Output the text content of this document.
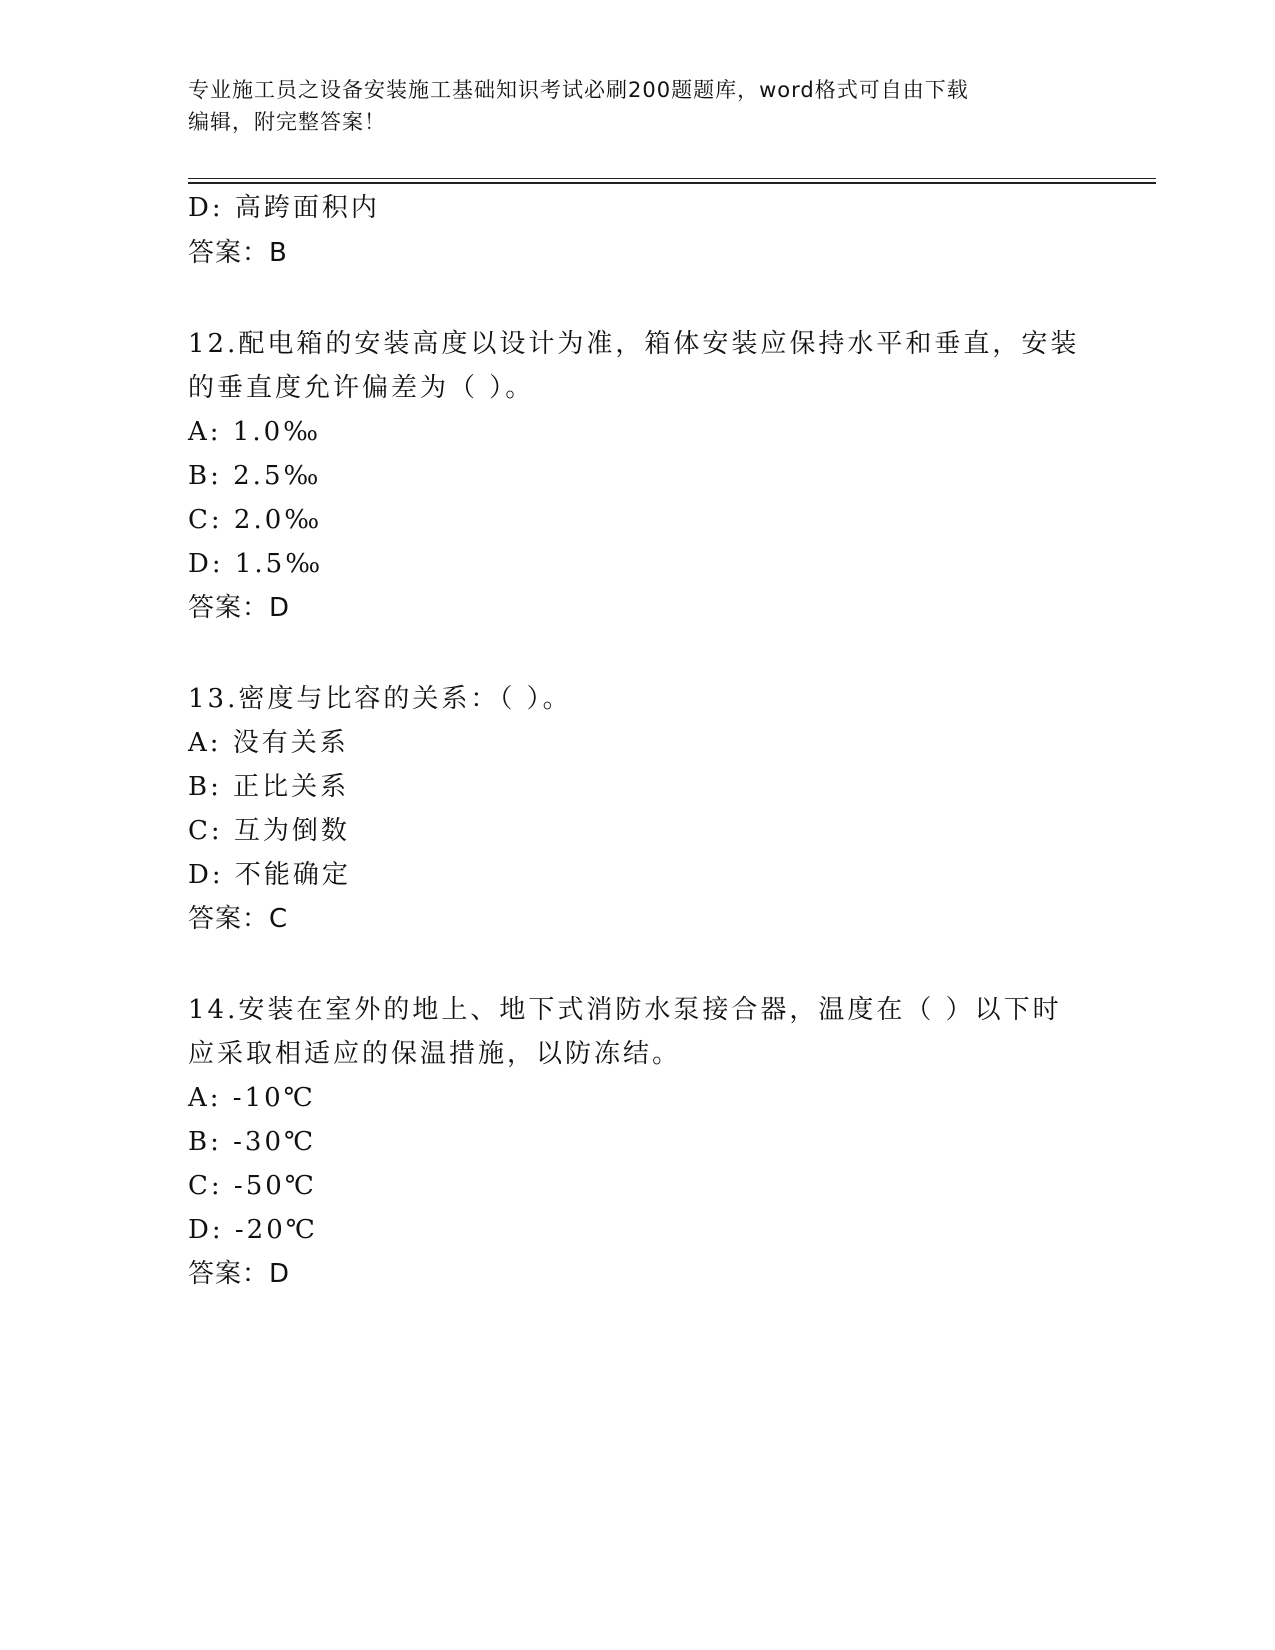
专业施工员之设备安装施工基础知识考试必刷200题题库，word格式可自由下载
编辑，附完整答案！
D: 高跨面积内
答案：B
12.配电箱的安装高度以设计为准，箱体安装应保持水平和垂直，安装
的垂直度允许偏差为（ ）。
A: 1.0‰
B: 2.5‰
C: 2.0‰
D: 1.5‰
答案：D
13.密度与比容的关系：（ ）。
A: 没有关系
B: 正比关系
C: 互为倒数
D: 不能确定
答案：C
14.安装在室外的地上、地下式消防水泵接合器，温度在（ ）以下时
应采取相适应的保温措施，以防冻结。
A: -10℃
B: -30℃
C: -50℃
D: -20℃
答案：D
